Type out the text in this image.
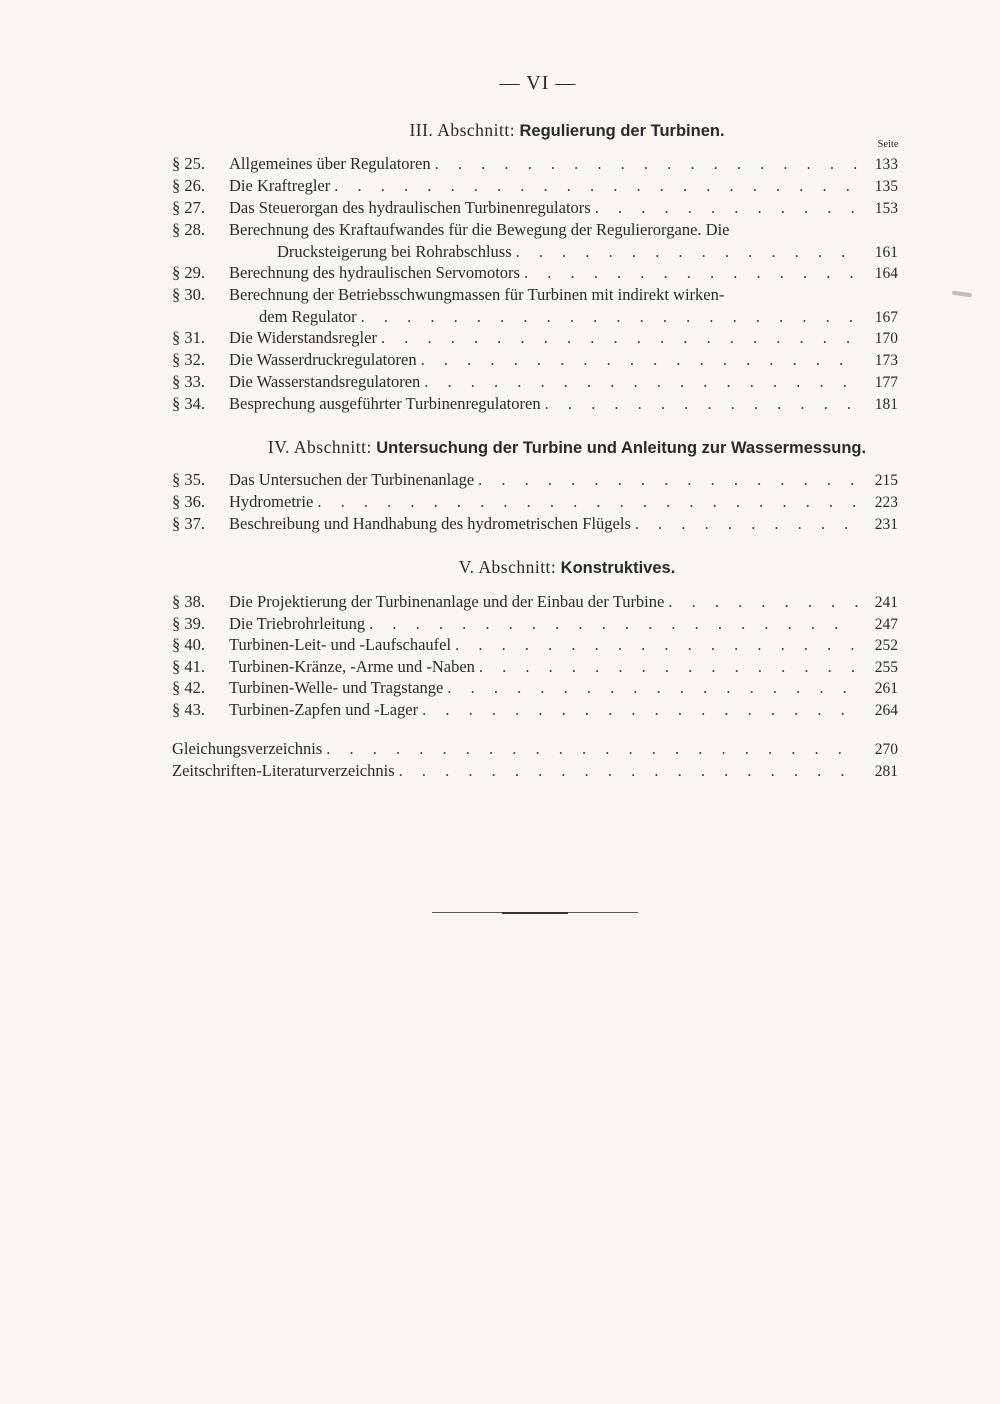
— VI —
III. Abschnitt: Regulierung der Turbinen.
Seite
§ 25.	Allgemeines über Regulatoren . . .	133
§ 26.	Die Kraftregler . . .	135
§ 27.	Das Steuerorgan des hydraulischen Turbinenregulators . . .	153
§ 28.	Berechnung des Kraftaufwandes für die Bewegung der Regulierorgane. Die
Drucksteigerung bei Rohrabschluss . . .	161
§ 29.	Berechnung des hydraulischen Servomotors . . .	164
§ 30.	Berechnung der Betriebsschwungmassen für Turbinen mit indirekt wirken-
dem Regulator . . .	167
§ 31.	Die Widerstandsregler . . .	170
§ 32.	Die Wasserdruckregulatoren . . .	173
§ 33.	Die Wasserstandsregulatoren . . .	177
§ 34.	Besprechung ausgeführter Turbinenregulatoren . . .	181
IV. Abschnitt: Untersuchung der Turbine und Anleitung zur Wassermessung.
§ 35.	Das Untersuchen der Turbinenanlage . . .	215
§ 36.	Hydrometrie . . .	223
§ 37.	Beschreibung und Handhabung des hydrometrischen Flügels . . .	231
V. Abschnitt: Konstruktives.
§ 38.	Die Projektierung der Turbinenanlage und der Einbau der Turbine . . .	241
§ 39.	Die Triebrohrleitung . . .	247
§ 40.	Turbinen-Leit- und -Laufschaufel . . .	252
§ 41.	Turbinen-Kränze, -Arme und -Naben . . .	255
§ 42.	Turbinen-Welle- und Tragstange . . .	261
§ 43.	Turbinen-Zapfen und -Lager . . .	264
Gleichungsverzeichnis . . .	270
Zeitschriften-Literaturverzeichnis . . .	281
